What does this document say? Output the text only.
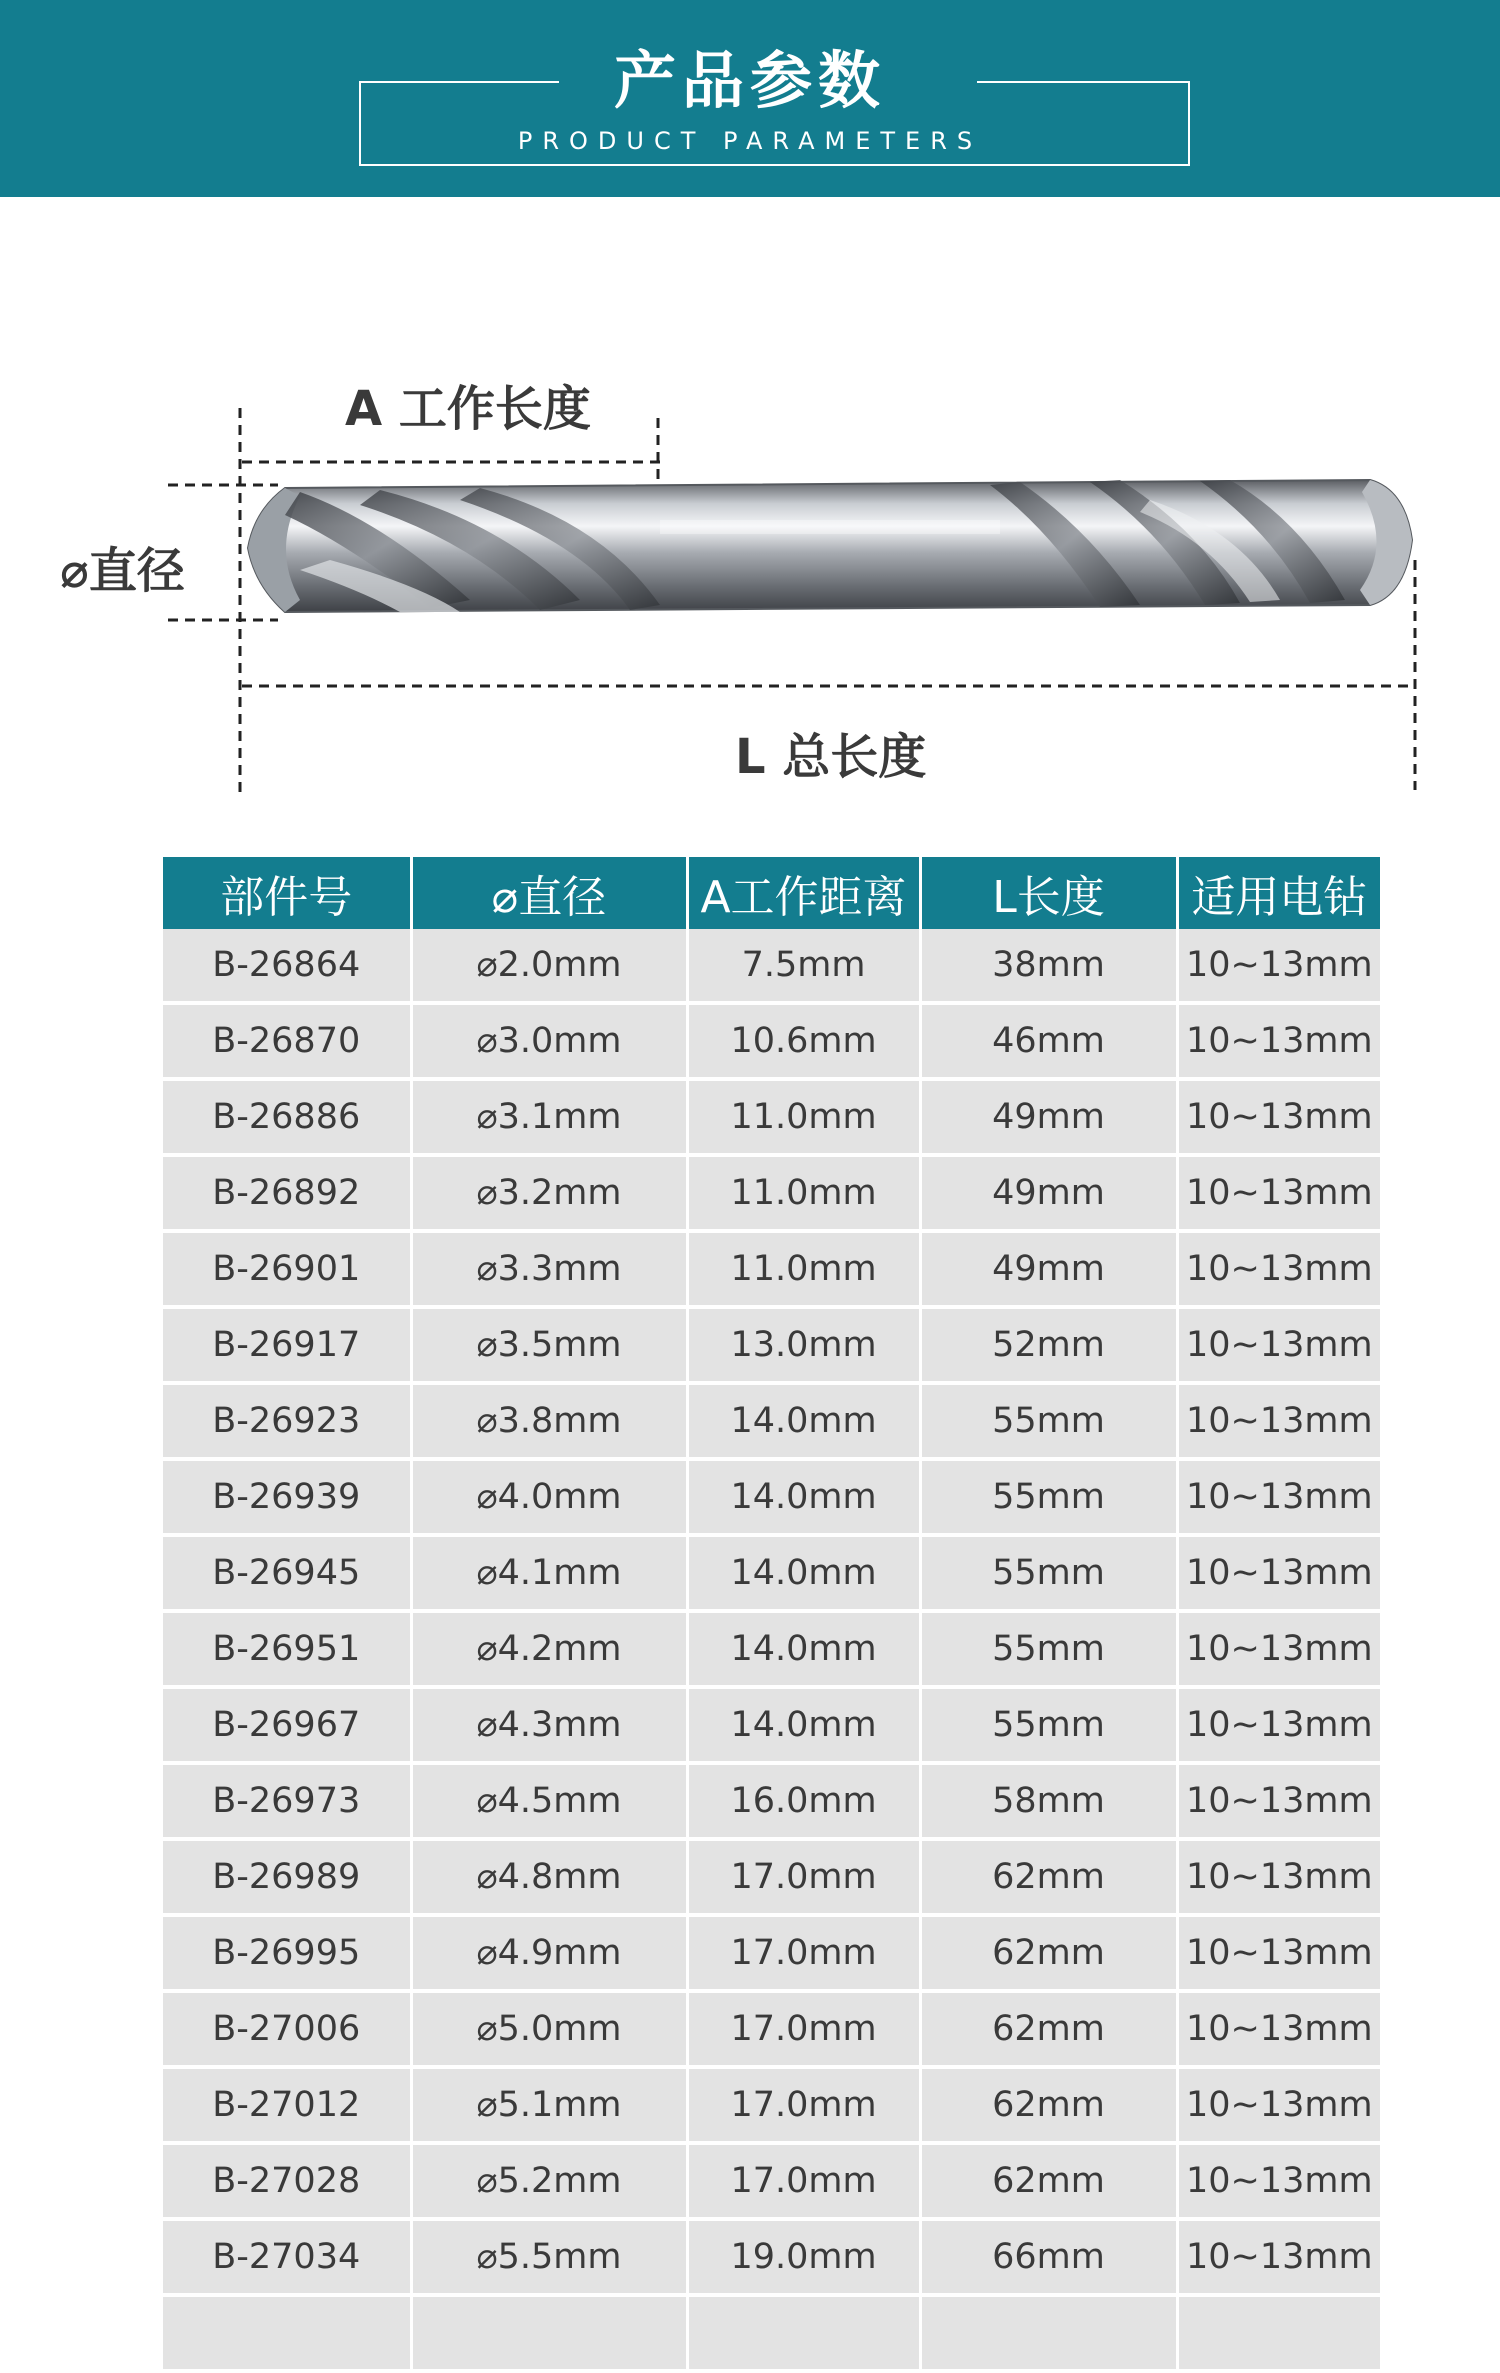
产品参数
PRODUCT PARAMETERS
A 工作长度
⌀直径
L 总长度
部件号	⌀直径	A工作距离	L长度	适用电钻
B-26864	⌀2.0mm	7.5mm	38mm	10~13mm
B-26870	⌀3.0mm	10.6mm	46mm	10~13mm
B-26886	⌀3.1mm	11.0mm	49mm	10~13mm
B-26892	⌀3.2mm	11.0mm	49mm	10~13mm
B-26901	⌀3.3mm	11.0mm	49mm	10~13mm
B-26917	⌀3.5mm	13.0mm	52mm	10~13mm
B-26923	⌀3.8mm	14.0mm	55mm	10~13mm
B-26939	⌀4.0mm	14.0mm	55mm	10~13mm
B-26945	⌀4.1mm	14.0mm	55mm	10~13mm
B-26951	⌀4.2mm	14.0mm	55mm	10~13mm
B-26967	⌀4.3mm	14.0mm	55mm	10~13mm
B-26973	⌀4.5mm	16.0mm	58mm	10~13mm
B-26989	⌀4.8mm	17.0mm	62mm	10~13mm
B-26995	⌀4.9mm	17.0mm	62mm	10~13mm
B-27006	⌀5.0mm	17.0mm	62mm	10~13mm
B-27012	⌀5.1mm	17.0mm	62mm	10~13mm
B-27028	⌀5.2mm	17.0mm	62mm	10~13mm
B-27034	⌀5.5mm	19.0mm	66mm	10~13mm
